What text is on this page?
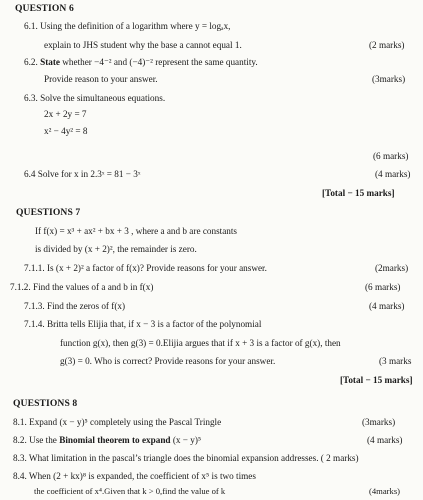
QUESTION 6
6.1. Using the definition of a logarithm where y = logₐx,
explain to JHS student why the base a cannot equal 1.	(2 marks)
6.2. State whether −4⁻² and (−4)⁻² represent the same quantity.
Provide reason to your answer.	(3marks)
6.3. Solve the simultaneous equations.
2x + 2y = 7
x² − 4y² = 8
(6 marks)
6.4 Solve for x in 2.3ˣ = 81 − 3ˣ	(4 marks)
[Total − 15 marks]
QUESTIONS 7
If f(x) = x³ + ax² + bx + 3 , where a and b are constants
is divided by (x + 2)², the remainder is zero.
7.1.1. Is (x + 2)² a factor of f(x)? Provide reasons for your answer.	(2marks)
7.1.2. Find the values of a and b in f(x)	(6 marks)
7.1.3. Find the zeros of f(x)	(4 marks)
7.1.4. Britta tells Elijia that, if x − 3 is a factor of the polynomial
function g(x), then g(3) = 0.Elijia argues that if x + 3 is a factor of g(x), then
g(3) = 0. Who is correct? Provide reasons for your answer.	(3 marks
[Total − 15 marks]
QUESTIONS 8
8.1. Expand (x − y)⁵ completely using the Pascal Tringle	(3marks)
8.2. Use the Binomial theorem to expand (x − y)⁵	(4 marks)
8.3. What limitation in the pascal’s triangle does the binomial expansion addresses. ( 2 marks)
8.4. When (2 + kx)⁸ is expanded, the coefficient of x⁵ is two times
the coefficient of x⁴.Given that k > 0,find the value of k	(4marks)
